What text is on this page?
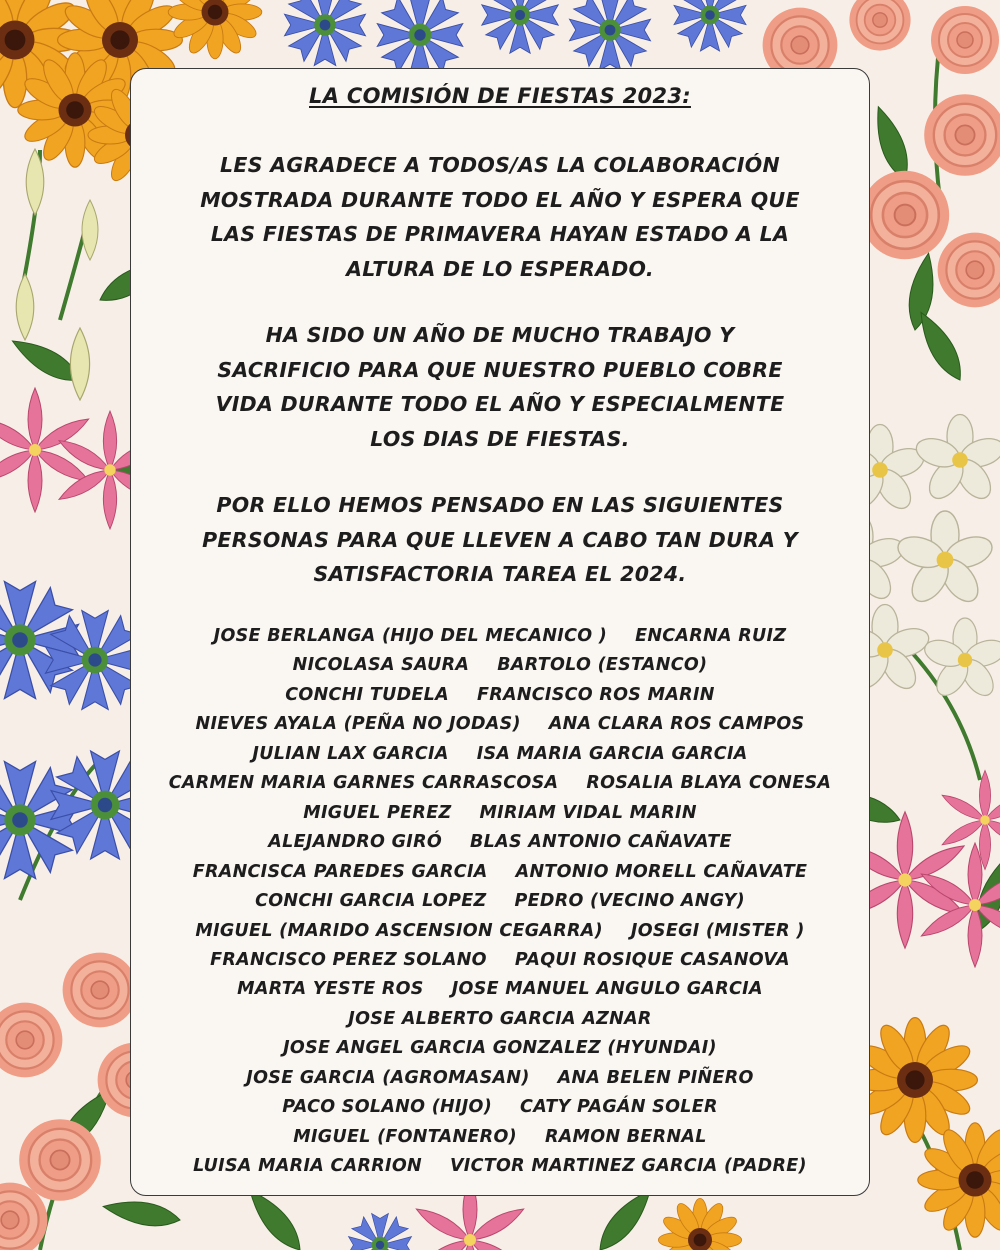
LA COMISIÓN DE FIESTAS 2023:
LES AGRADECE A TODOS/AS LA COLABORACIÓN
MOSTRADA DURANTE TODO EL AÑO Y ESPERA QUE
LAS FIESTAS DE PRIMAVERA HAYAN ESTADO A LA
ALTURA DE LO ESPERADO.
HA SIDO UN AÑO DE MUCHO TRABAJO Y
SACRIFICIO PARA QUE NUESTRO PUEBLO COBRE
VIDA DURANTE TODO EL AÑO Y ESPECIALMENTE
LOS DIAS DE FIESTAS.
POR ELLO HEMOS PENSADO EN LAS SIGUIENTES
PERSONAS PARA QUE LLEVEN A CABO TAN DURA Y
SATISFACTORIA TAREA EL 2024.
JOSE BERLANGA (HIJO DEL MECANICO ) ENCARNA RUIZ
NICOLASA SAURA BARTOLO (ESTANCO)
CONCHI TUDELA FRANCISCO ROS MARIN
NIEVES AYALA (PEÑA NO JODAS) ANA CLARA ROS CAMPOS
JULIAN LAX GARCIA ISA MARIA GARCIA GARCIA
CARMEN MARIA GARNES CARRASCOSA ROSALIA BLAYA CONESA
MIGUEL PEREZ MIRIAM VIDAL MARIN
ALEJANDRO GIRÓ BLAS ANTONIO CAÑAVATE
FRANCISCA PAREDES GARCIA ANTONIO MORELL CAÑAVATE
CONCHI GARCIA LOPEZ PEDRO (VECINO ANGY)
MIGUEL (MARIDO ASCENSION CEGARRA) JOSEGI (MISTER )
FRANCISCO PEREZ SOLANO PAQUI ROSIQUE CASANOVA
MARTA YESTE ROS JOSE MANUEL ANGULO GARCIA
JOSE ALBERTO GARCIA AZNAR
JOSE ANGEL GARCIA GONZALEZ (HYUNDAI)
JOSE GARCIA (AGROMASAN) ANA BELEN PIÑERO
PACO SOLANO (HIJO) CATY PAGÁN SOLER
MIGUEL (FONTANERO) RAMON BERNAL
LUISA MARIA CARRION VICTOR MARTINEZ GARCIA (PADRE)
